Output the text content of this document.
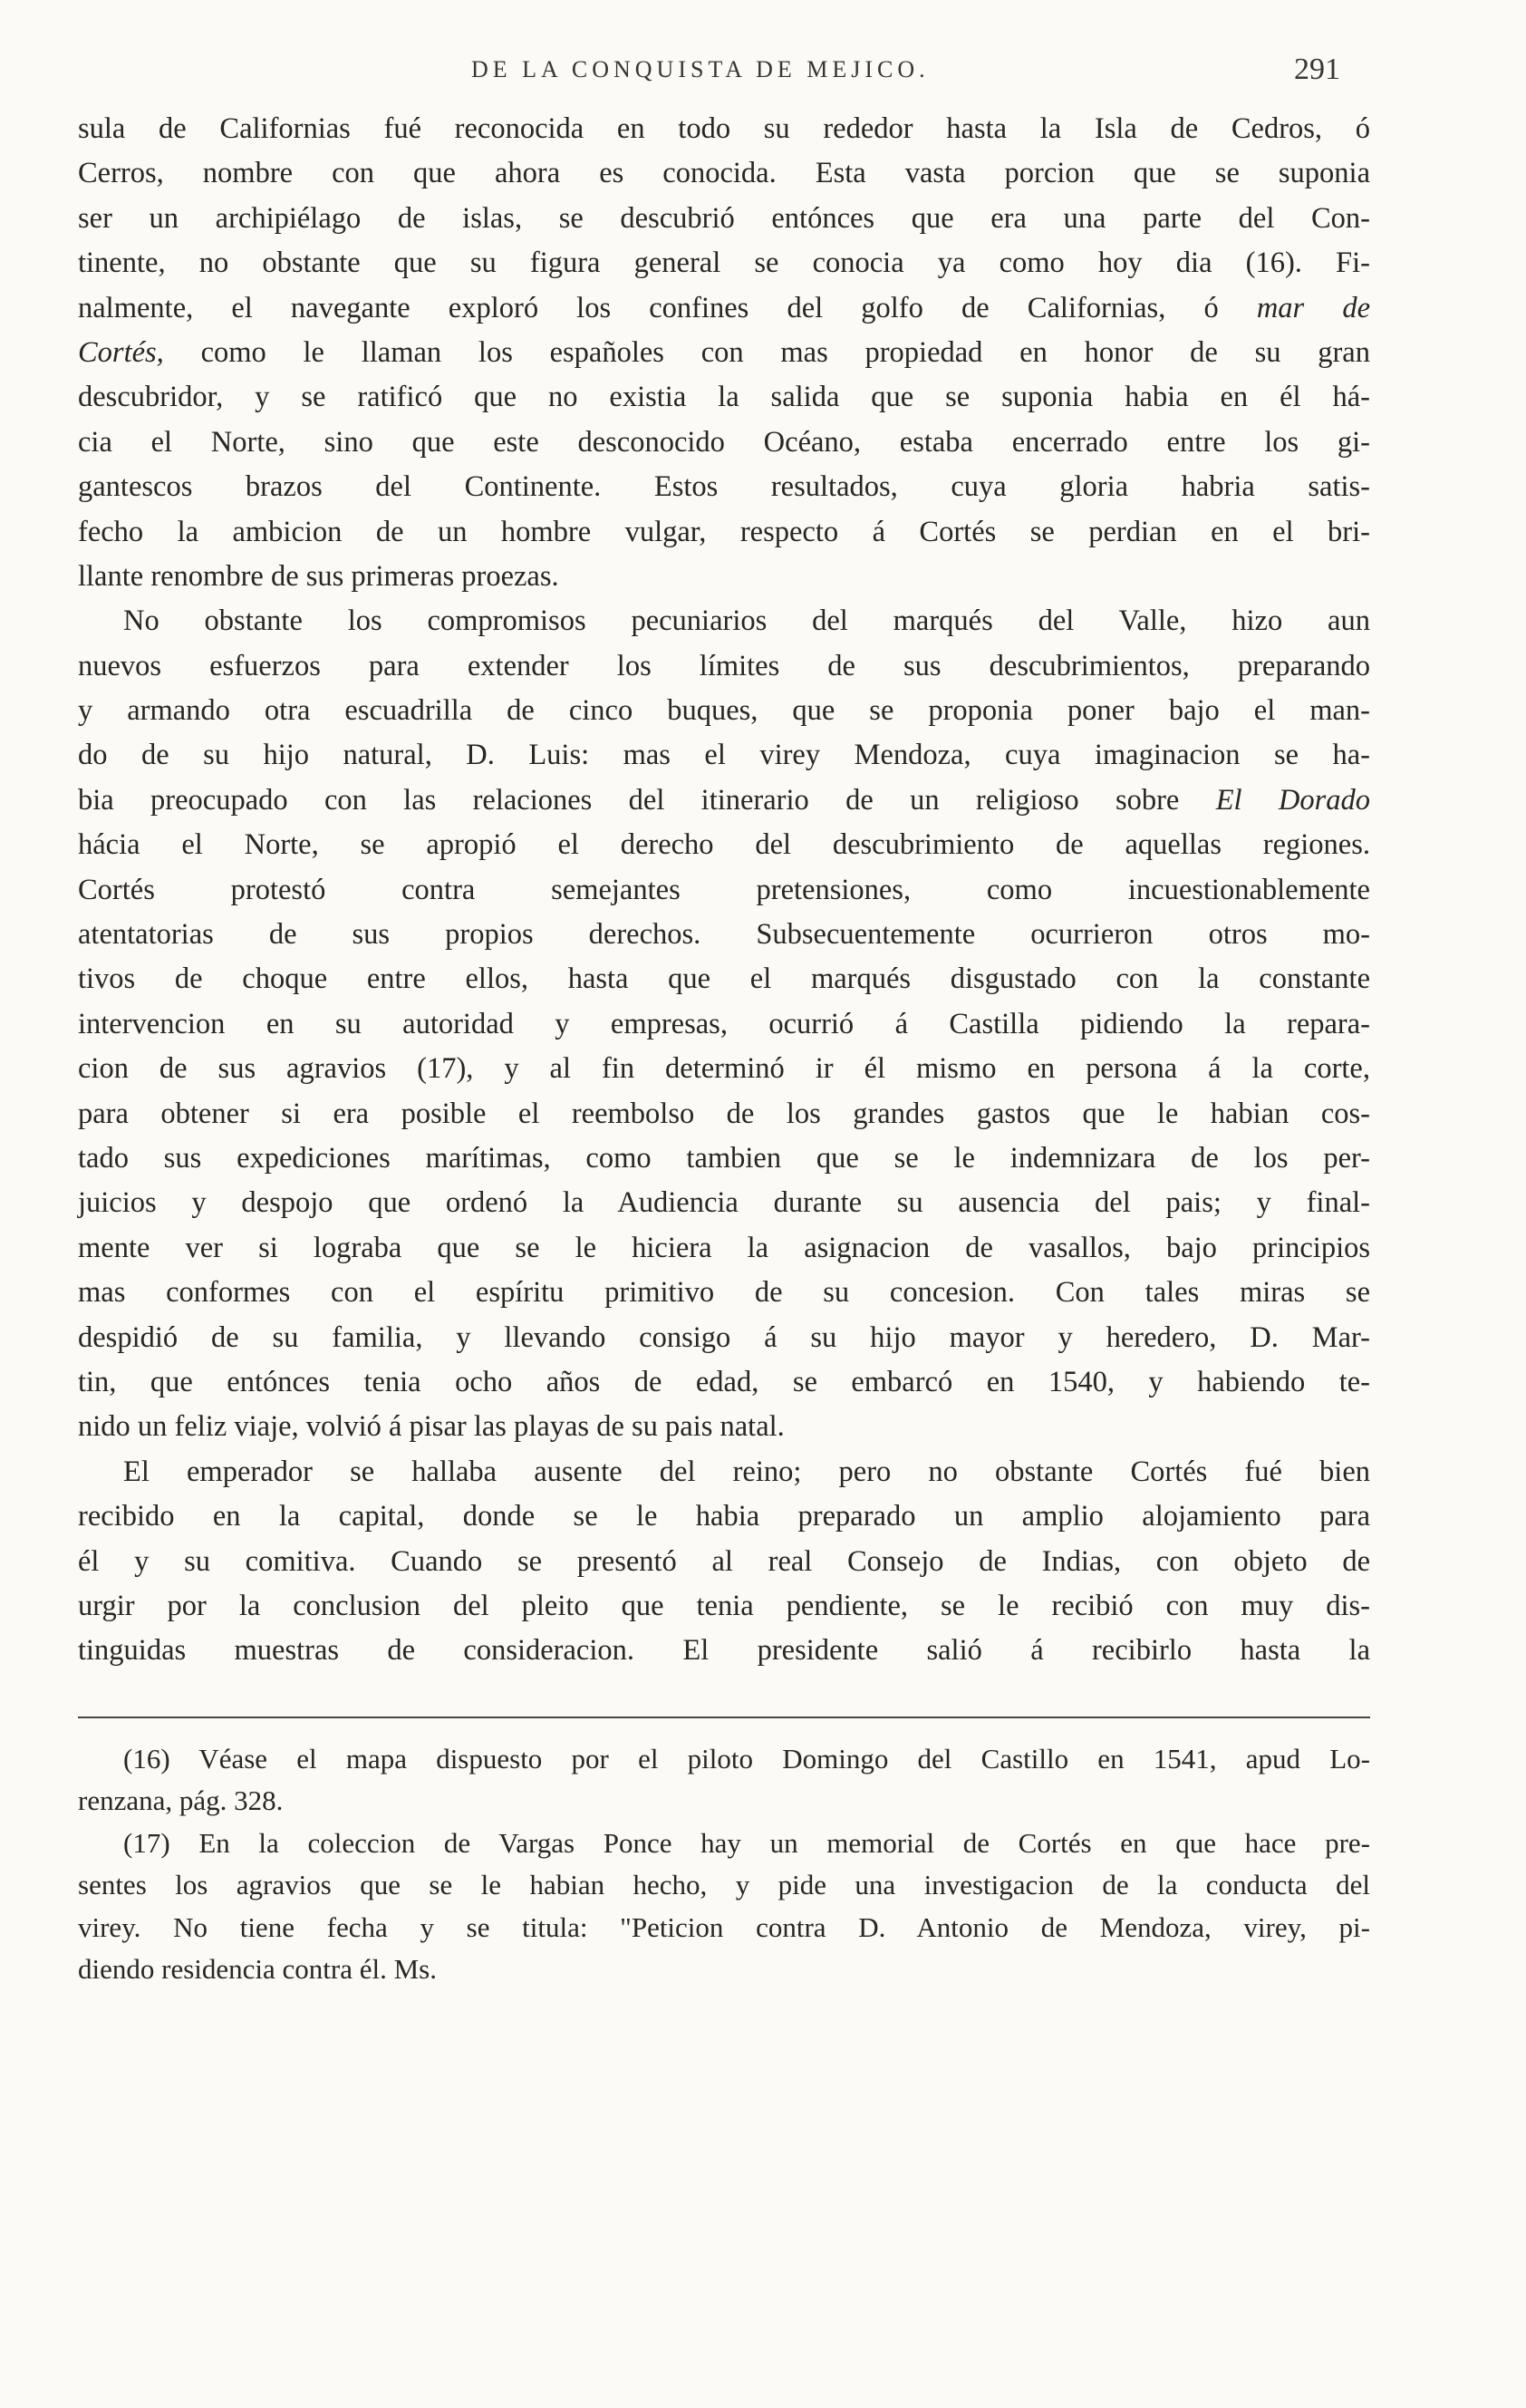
DE LA CONQUISTA DE MEJICO.	291
sula de Californias fué reconocida en todo su rededor hasta la Isla de Cedros, ó
Cerros, nombre con que ahora es conocida. Esta vasta porcion que se suponia
ser un archipiélago de islas, se descubrió entónces que era una parte del Con-
tinente, no obstante que su figura general se conocia ya como hoy dia (16). Fi-
nalmente, el navegante exploró los confines del golfo de Californias, ó mar de
Cortés, como le llaman los españoles con mas propiedad en honor de su gran
descubridor, y se ratificó que no existia la salida que se suponia habia en él há-
cia el Norte, sino que este desconocido Océano, estaba encerrado entre los gi-
gantescos brazos del Continente. Estos resultados, cuya gloria habria satis-
fecho la ambicion de un hombre vulgar, respecto á Cortés se perdian en el bri-
llante renombre de sus primeras proezas.
No obstante los compromisos pecuniarios del marqués del Valle, hizo aun
nuevos esfuerzos para extender los límites de sus descubrimientos, preparando
y armando otra escuadrilla de cinco buques, que se proponia poner bajo el man-
do de su hijo natural, D. Luis: mas el virey Mendoza, cuya imaginacion se ha-
bia preocupado con las relaciones del itinerario de un religioso sobre El Dorado
hácia el Norte, se apropió el derecho del descubrimiento de aquellas regiones.
Cortés protestó contra semejantes pretensiones, como incuestionablemente
atentatorias de sus propios derechos. Subsecuentemente ocurrieron otros mo-
tivos de choque entre ellos, hasta que el marqués disgustado con la constante
intervencion en su autoridad y empresas, ocurrió á Castilla pidiendo la repara-
cion de sus agravios (17), y al fin determinó ir él mismo en persona á la corte,
para obtener si era posible el reembolso de los grandes gastos que le habian cos-
tado sus expediciones marítimas, como tambien que se le indemnizara de los per-
juicios y despojo que ordenó la Audiencia durante su ausencia del pais; y final-
mente ver si lograba que se le hiciera la asignacion de vasallos, bajo principios
mas conformes con el espíritu primitivo de su concesion. Con tales miras se
despidió de su familia, y llevando consigo á su hijo mayor y heredero, D. Mar-
tin, que entónces tenia ocho años de edad, se embarcó en 1540, y habiendo te-
nido un feliz viaje, volvió á pisar las playas de su pais natal.
El emperador se hallaba ausente del reino; pero no obstante Cortés fué bien
recibido en la capital, donde se le habia preparado un amplio alojamiento para
él y su comitiva. Cuando se presentó al real Consejo de Indias, con objeto de
urgir por la conclusion del pleito que tenia pendiente, se le recibió con muy dis-
tinguidas muestras de consideracion. El presidente salió á recibirlo hasta la
(16) Véase el mapa dispuesto por el piloto Domingo del Castillo en 1541, apud Lo-
renzana, pág. 328.
(17) En la coleccion de Vargas Ponce hay un memorial de Cortés en que hace pre-
sentes los agravios que se le habian hecho, y pide una investigacion de la conducta del
virey. No tiene fecha y se titula: "Peticion contra D. Antonio de Mendoza, virey, pi-
diendo residencia contra él. Ms.
